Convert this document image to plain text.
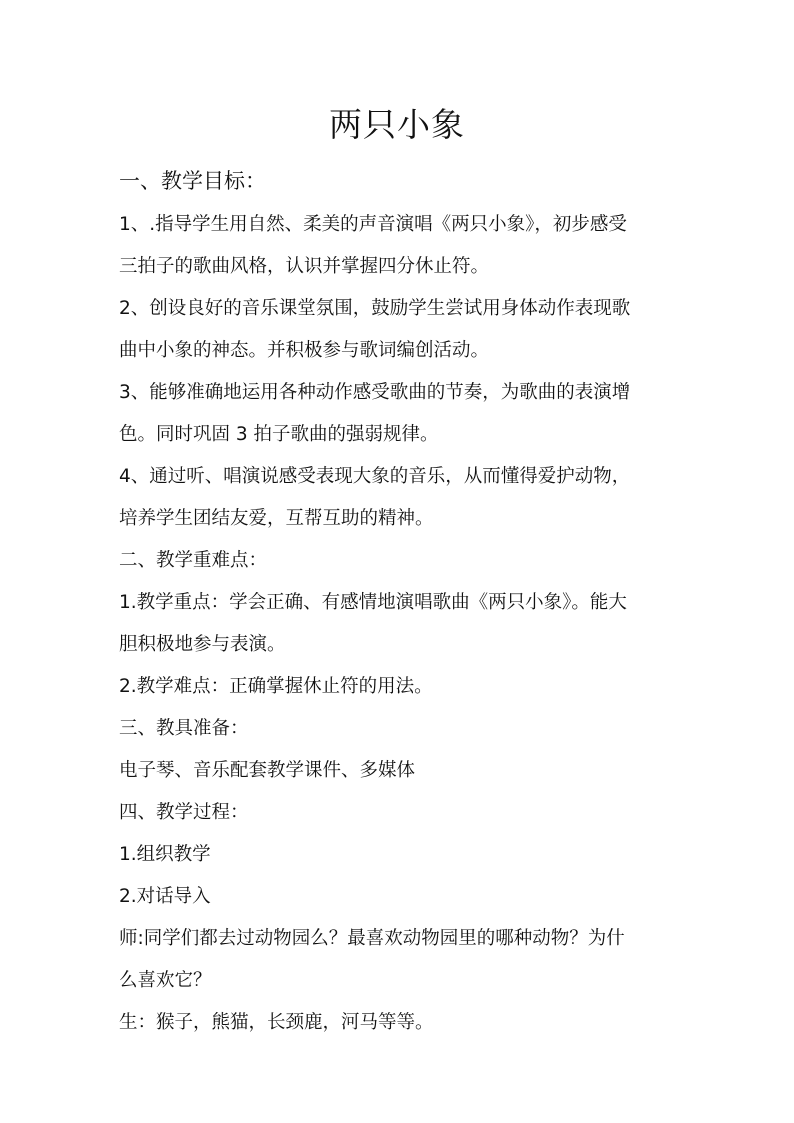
两只小象
一、教学目标：
1、.指导学生用自然、柔美的声音演唱《两只小象》，初步感受
三拍子的歌曲风格，认识并掌握四分休止符。
2、创设良好的音乐课堂氛围，鼓励学生尝试用身体动作表现歌
曲中小象的神态。并积极参与歌词编创活动。
3、能够准确地运用各种动作感受歌曲的节奏，为歌曲的表演增
色。同时巩固 3 拍子歌曲的强弱规律。
4、通过听、唱演说感受表现大象的音乐，从而懂得爱护动物，
培养学生团结友爱，互帮互助的精神。
二、教学重难点：
1.教学重点：学会正确、有感情地演唱歌曲《两只小象》。能大
胆积极地参与表演。
2.教学难点：正确掌握休止符的用法。
三、教具准备：
电子琴、音乐配套教学课件、多媒体
四、教学过程：
1.组织教学
2.对话导入
师:同学们都去过动物园么？最喜欢动物园里的哪种动物？为什
么喜欢它？
生：猴子，熊猫，长颈鹿，河马等等。
